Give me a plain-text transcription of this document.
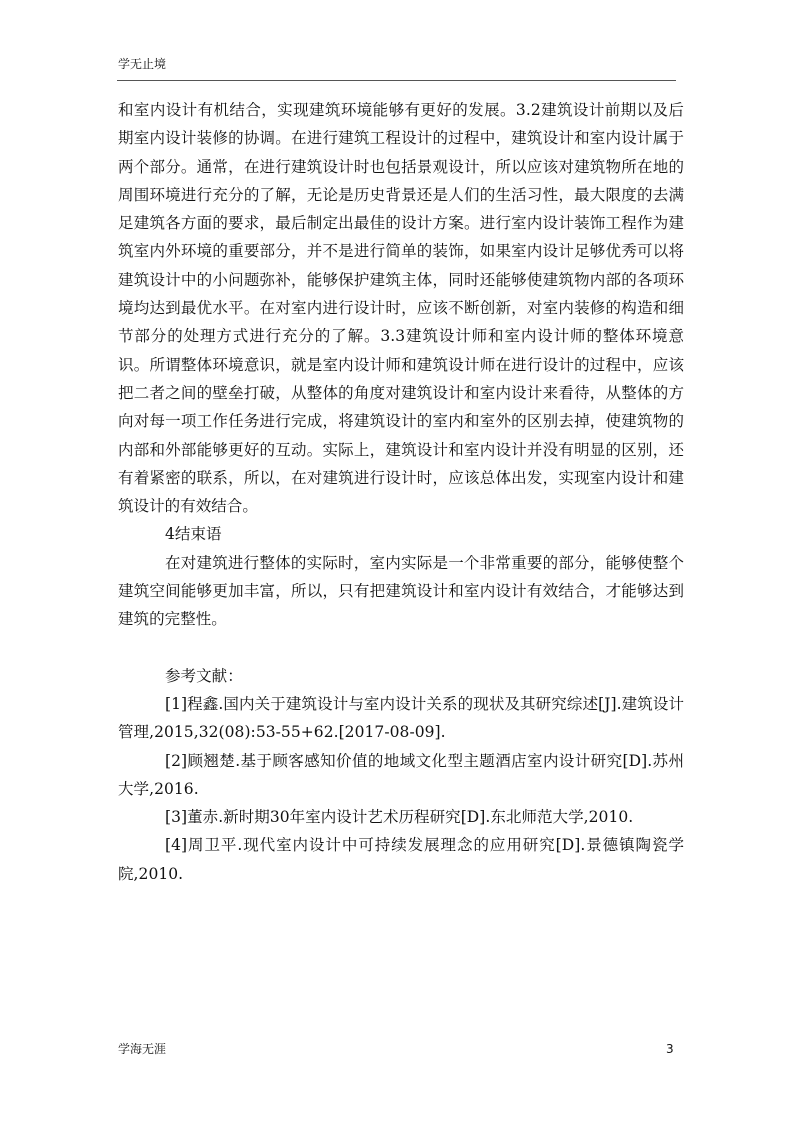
学无止境

和室内设计有机结合，实现建筑环境能够有更好的发展。3.2建筑设计前期以及后期室内设计装修的协调。在进行建筑工程设计的过程中，建筑设计和室内设计属于两个部分。通常，在进行建筑设计时也包括景观设计，所以应该对建筑物所在地的周围环境进行充分的了解，无论是历史背景还是人们的生活习性，最大限度的去满足建筑各方面的要求，最后制定出最佳的设计方案。进行室内设计装饰工程作为建筑室内外环境的重要部分，并不是进行简单的装饰，如果室内设计足够优秀可以将建筑设计中的小问题弥补，能够保护建筑主体，同时还能够使建筑物内部的各项环境均达到最优水平。在对室内进行设计时，应该不断创新，对室内装修的构造和细节部分的处理方式进行充分的了解。3.3建筑设计师和室内设计师的整体环境意识。所谓整体环境意识，就是室内设计师和建筑设计师在进行设计的过程中，应该把二者之间的壁垒打破，从整体的角度对建筑设计和室内设计来看待，从整体的方向对每一项工作任务进行完成，将建筑设计的室内和室外的区别去掉，使建筑物的内部和外部能够更好的互动。实际上，建筑设计和室内设计并没有明显的区别，还有着紧密的联系，所以，在对建筑进行设计时，应该总体出发，实现室内设计和建筑设计的有效结合。

4结束语

在对建筑进行整体的实际时，室内实际是一个非常重要的部分，能够使整个建筑空间能够更加丰富，所以，只有把建筑设计和室内设计有效结合，才能够达到建筑的完整性。

参考文献：

[1]程鑫.国内关于建筑设计与室内设计关系的现状及其研究综述[J].建筑设计管理,2015,32(08):53-55+62.[2017-08-09].

[2]顾翘楚.基于顾客感知价值的地域文化型主题酒店室内设计研究[D].苏州大学,2016.

[3]董赤.新时期30年室内设计艺术历程研究[D].东北师范大学,2010.

[4]周卫平.现代室内设计中可持续发展理念的应用研究[D].景德镇陶瓷学院,2010.

学海无涯	3
